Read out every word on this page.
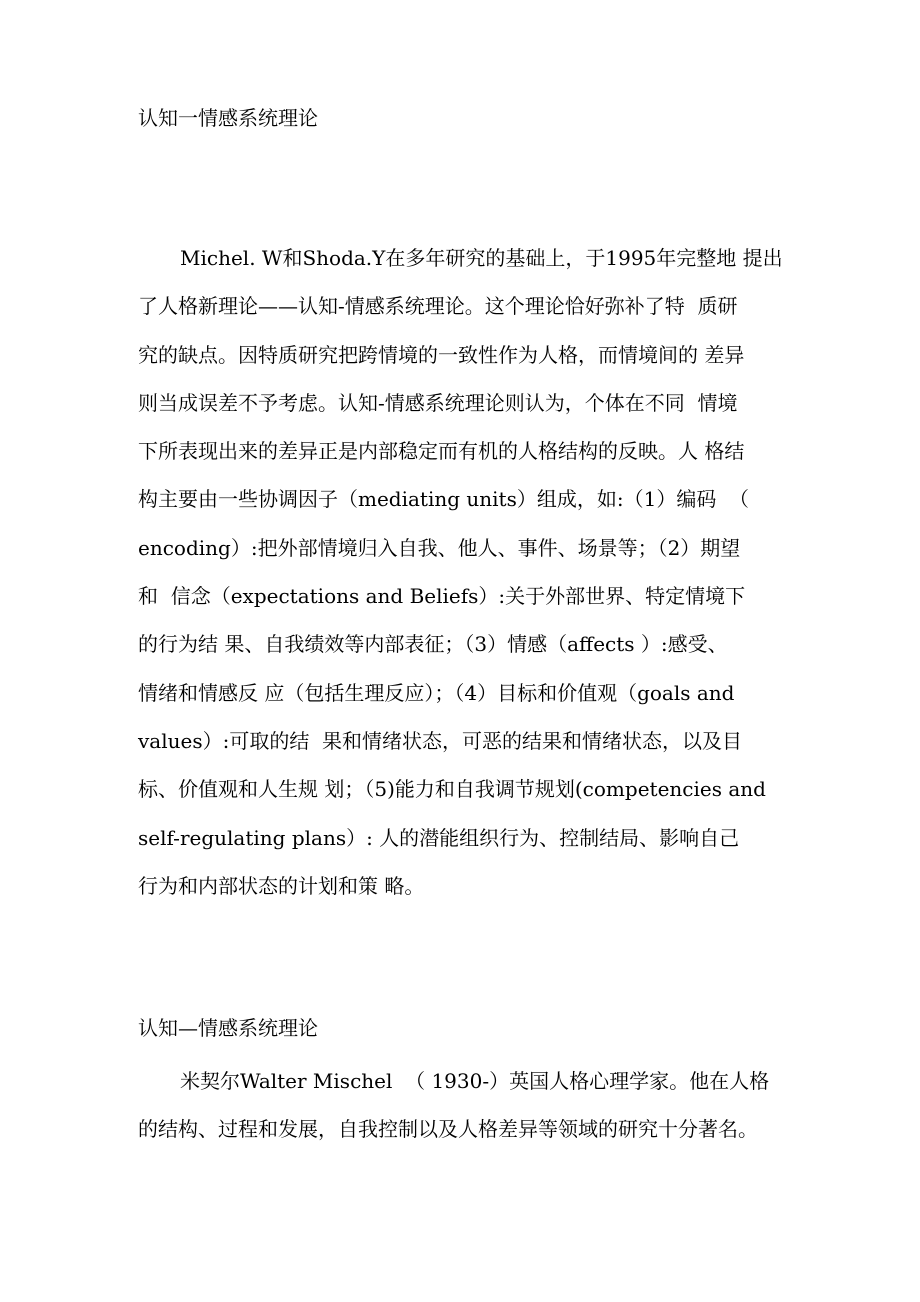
认知一情感系统理论
Michel. W和Shoda.Y在多年研究的基础上，于1995年完整地 提出
了人格新理论——认知-情感系统理论。这个理论恰好弥补了特  质研
究的缺点。因特质研究把跨情境的一致性作为人格，而情境间的 差异
则当成误差不予考虑。认知-情感系统理论则认为，个体在不同  情境
下所表现出来的差异正是内部稳定而有机的人格结构的反映。人 格结
构主要由一些协调因子（mediating units）组成，如:（1）编码  （
encoding）:把外部情境归入自我、他人、事件、场景等；（2）期望
和  信念（expectations and Beliefs）:关于外部世界、特定情境下
的行为结 果、自我绩效等内部表征；（3）情感（affects ）:感受、
情绪和情感反 应（包括生理反应）；（4）目标和价值观（goals and
values）:可取的结  果和情绪状态，可恶的结果和情绪状态，以及目
标、价值观和人生规 划；（5)能力和自我调节规划(competencies and
self-regulating plans）: 人的潜能组织行为、控制结局、影响自己
行为和内部状态的计划和策 略。
认知—情感系统理论
米契尔Walter Mischel  （ 1930-）英国人格心理学家。他在人格
的结构、过程和发展，自我控制以及人格差异等领域的研究十分著名。
